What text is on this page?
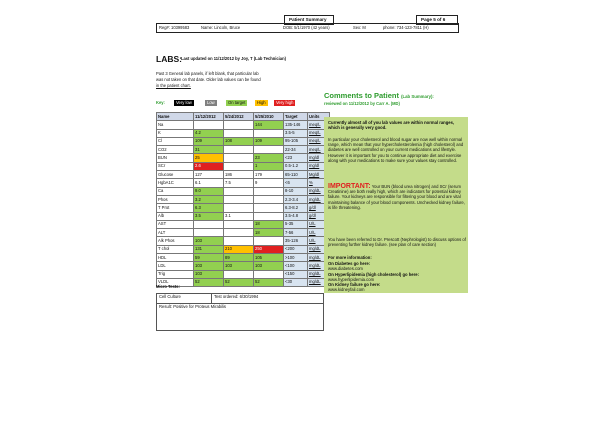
Patient Summary	Page 5 of 6
Reg#: 10399583	Name: Lincoln, Bruce	DOB: 5/1/1970 (42 years)	Sex: M	phone: 734-123-7811 (H)
LABS: Last updated on 11/12/2012 by Joy, T (Lab Technician)
Past 3 General lab panels, if left blank, that particular lab
was not taken on that date. Older lab values can be found
in the patient chart.
Key:	Very low	Low	On target	High	Very high
Name	11/12/2012	5/24/2012	5/25/2010	Target	Units
Na			144	135-146	meq/L
K	4.2			3.5-5	meq/L
Cl	109	108	109	95-105	meq/L
CO2	31			22-34	meq/L
BUN	25		23	<23	mg/dl
SCr	2.6		1	0.5-1.2	mg/dl
Glucose	127	186	179	65-110	Mg/dl
HgbA1C	6.1	7.5	9	<6	%
Ca	9.0			8-10	mg/dL
Phos	3.2			2.3-3.4	mg/dL
T Prot	6.3			6.3-8.2	g/dl
Alb	3.5	3.1		3.5-4.8	g/dl
AST			18	5-35	U/L
ALT			18	7-56	U/L
Alk Phos	103			35-126	U/L
T chol	131	210	250	<200	mg/dL
HDL	59	89	105	>100	mg/dL
LDL	103	103	103	<100	mg/dL
Trig	103			<150	mg/dL
VLDL	52	52	52	<30	mg/dL
Comments to Patient (Lab Summary):
reviewed on 11/12/2012 by Carr A. (MD)
Currently almost all of you lab values are within normal ranges, which is generally very good.
In particular your cholesterol and blood sugar are now well within normal range, which mean that your hypercholesterolemia (high cholesterol) and diabetes are well controlled on your current medications and lifestyle. However it is important for you to continue appropriate diet and exercise along with your medications to make sure your values stay controlled.
IMPORTANT: Your BUN (blood urea nitrogen) and SCr (serum Creatinine) are both really high, which are indicators for potential kidney failure. Your kidneys are responsible for filtering your blood and are vital maintaining balance of your blood components. Unchecked kidney failure, is life threatening.
You have been referred to Dr. Prescott (Nephrologist) to discuss options of preventing further kidney failure. (see plan of care section)
For more information:
On Diabetes go here:
www.diabetes.com
On Hyperlipidemia (high cholesterol) go here:
www.hyperlipidemia.com
On Kidney failure go here:
www.kidneyfail.com
Micro Tests:
Cell Culture	Test ordered: 6/30/1994
Result: Positive for Proteus Mirabilis
